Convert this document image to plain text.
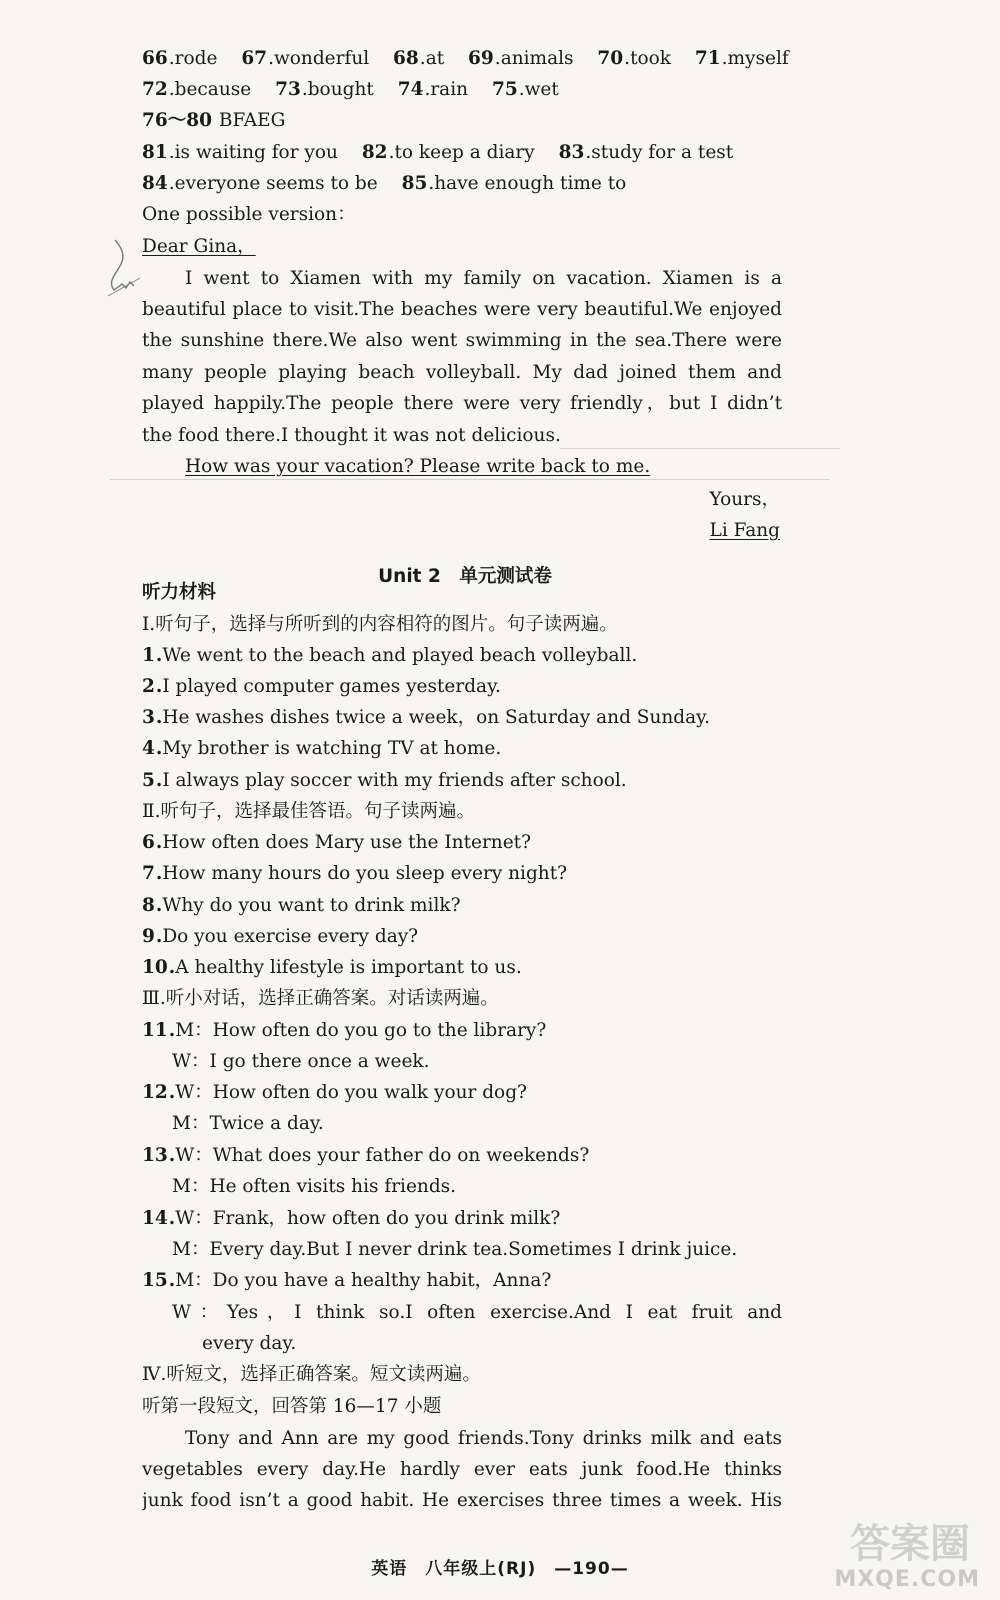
66.rode 67.wonderful 68.at 69.animals 70.took 71.myself
72.because 73.bought 74.rain 75.wet
76～80 BFAEG
81.is waiting for you 82.to keep a diary 83.study for a test
84.everyone seems to be 85.have enough time to
One possible version：
Dear Gina，
I went to Xiamen with my family on vacation. Xiamen is a
beautiful place to visit.The beaches were very beautiful.We enjoyed
the sunshine there.We also went swimming in the sea.There were
many people playing beach volleyball. My dad joined them and
played happily.The people there were very friendly，but I didn’t
the food there.I thought it was not delicious.
How was your vacation? Please write back to me.
Yours，
Li Fang
Unit 2　单元测试卷
听力材料
Ⅰ.听句子，选择与所听到的内容相符的图片。句子读两遍。
1.We went to the beach and played beach volleyball.
2.I played computer games yesterday.
3.He washes dishes twice a week，on Saturday and Sunday.
4.My brother is watching TV at home.
5.I always play soccer with my friends after school.
Ⅱ.听句子，选择最佳答语。句子读两遍。
6.How often does Mary use the Internet?
7.How many hours do you sleep every night?
8.Why do you want to drink milk?
9.Do you exercise every day?
10.A healthy lifestyle is important to us.
Ⅲ.听小对话，选择正确答案。对话读两遍。
11.M：How often do you go to the library?
W：I go there once a week.
12.W：How often do you walk your dog?
M：Twice a day.
13.W：What does your father do on weekends?
M：He often visits his friends.
14.W：Frank，how often do you drink milk?
M：Every day.But I never drink tea.Sometimes I drink juice.
15.M：Do you have a healthy habit，Anna?
W：Yes，I think so.I often exercise.And I eat fruit and
every day.
Ⅳ.听短文，选择正确答案。短文读两遍。
听第一段短文，回答第 16—17 小题
Tony and Ann are my good friends.Tony drinks milk and eats
vegetables every day.He hardly ever eats junk food.He thinks
junk food isn’t a good habit. He exercises three times a week. His
英语　八年级上(RJ)　—190—
答案圈
MXQE.COM
